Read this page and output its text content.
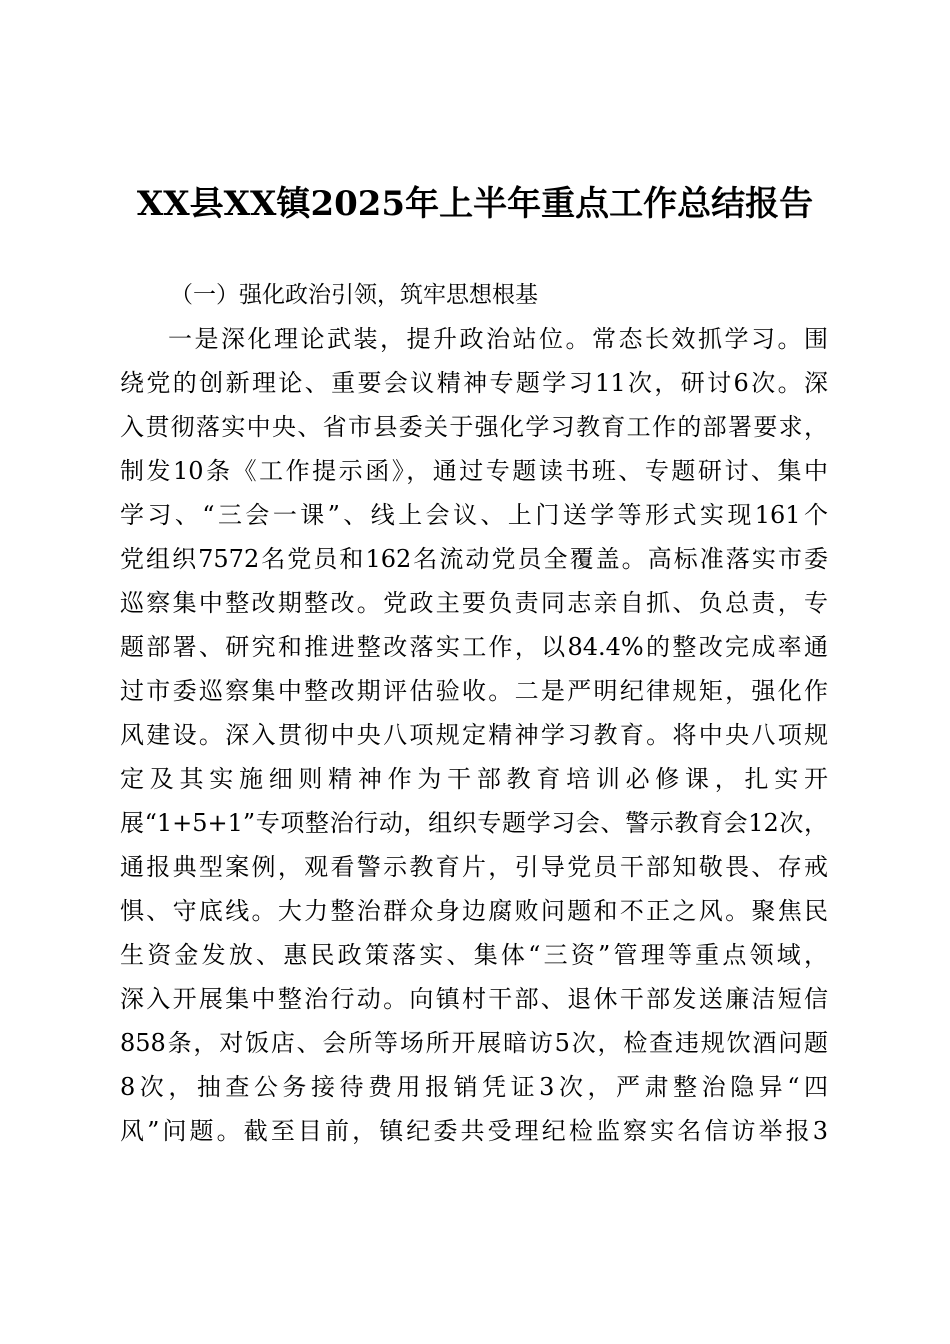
XX县XX镇2025年上半年重点工作总结报告
（一）强化政治引领，筑牢思想根基
一是深化理论武装，提升政治站位。常态长效抓学习。围
绕党的创新理论、重要会议精神专题学习11次，研讨6次。深
入贯彻落实中央、省市县委关于强化学习教育工作的部署要求，
制发10条《工作提示函》，通过专题读书班、专题研讨、集中
学习、“三会一课”、线上会议、上门送学等形式实现161个
党组织7572名党员和162名流动党员全覆盖。高标准落实市委
巡察集中整改期整改。党政主要负责同志亲自抓、负总责，专
题部署、研究和推进整改落实工作，以84.4%的整改完成率通
过市委巡察集中整改期评估验收。二是严明纪律规矩，强化作
风建设。深入贯彻中央八项规定精神学习教育。将中央八项规
定及其实施细则精神作为干部教育培训必修课，扎实开
展“1+5+1”专项整治行动，组织专题学习会、警示教育会12次，
通报典型案例，观看警示教育片，引导党员干部知敬畏、存戒
惧、守底线。大力整治群众身边腐败问题和不正之风。聚焦民
生资金发放、惠民政策落实、集体“三资”管理等重点领域，
深入开展集中整治行动。向镇村干部、退休干部发送廉洁短信
858条，对饭店、会所等场所开展暗访5次，检查违规饮酒问题
8次，抽查公务接待费用报销凭证3次，严肃整治隐异“四
风”问题。截至目前，镇纪委共受理纪检监察实名信访举报3
